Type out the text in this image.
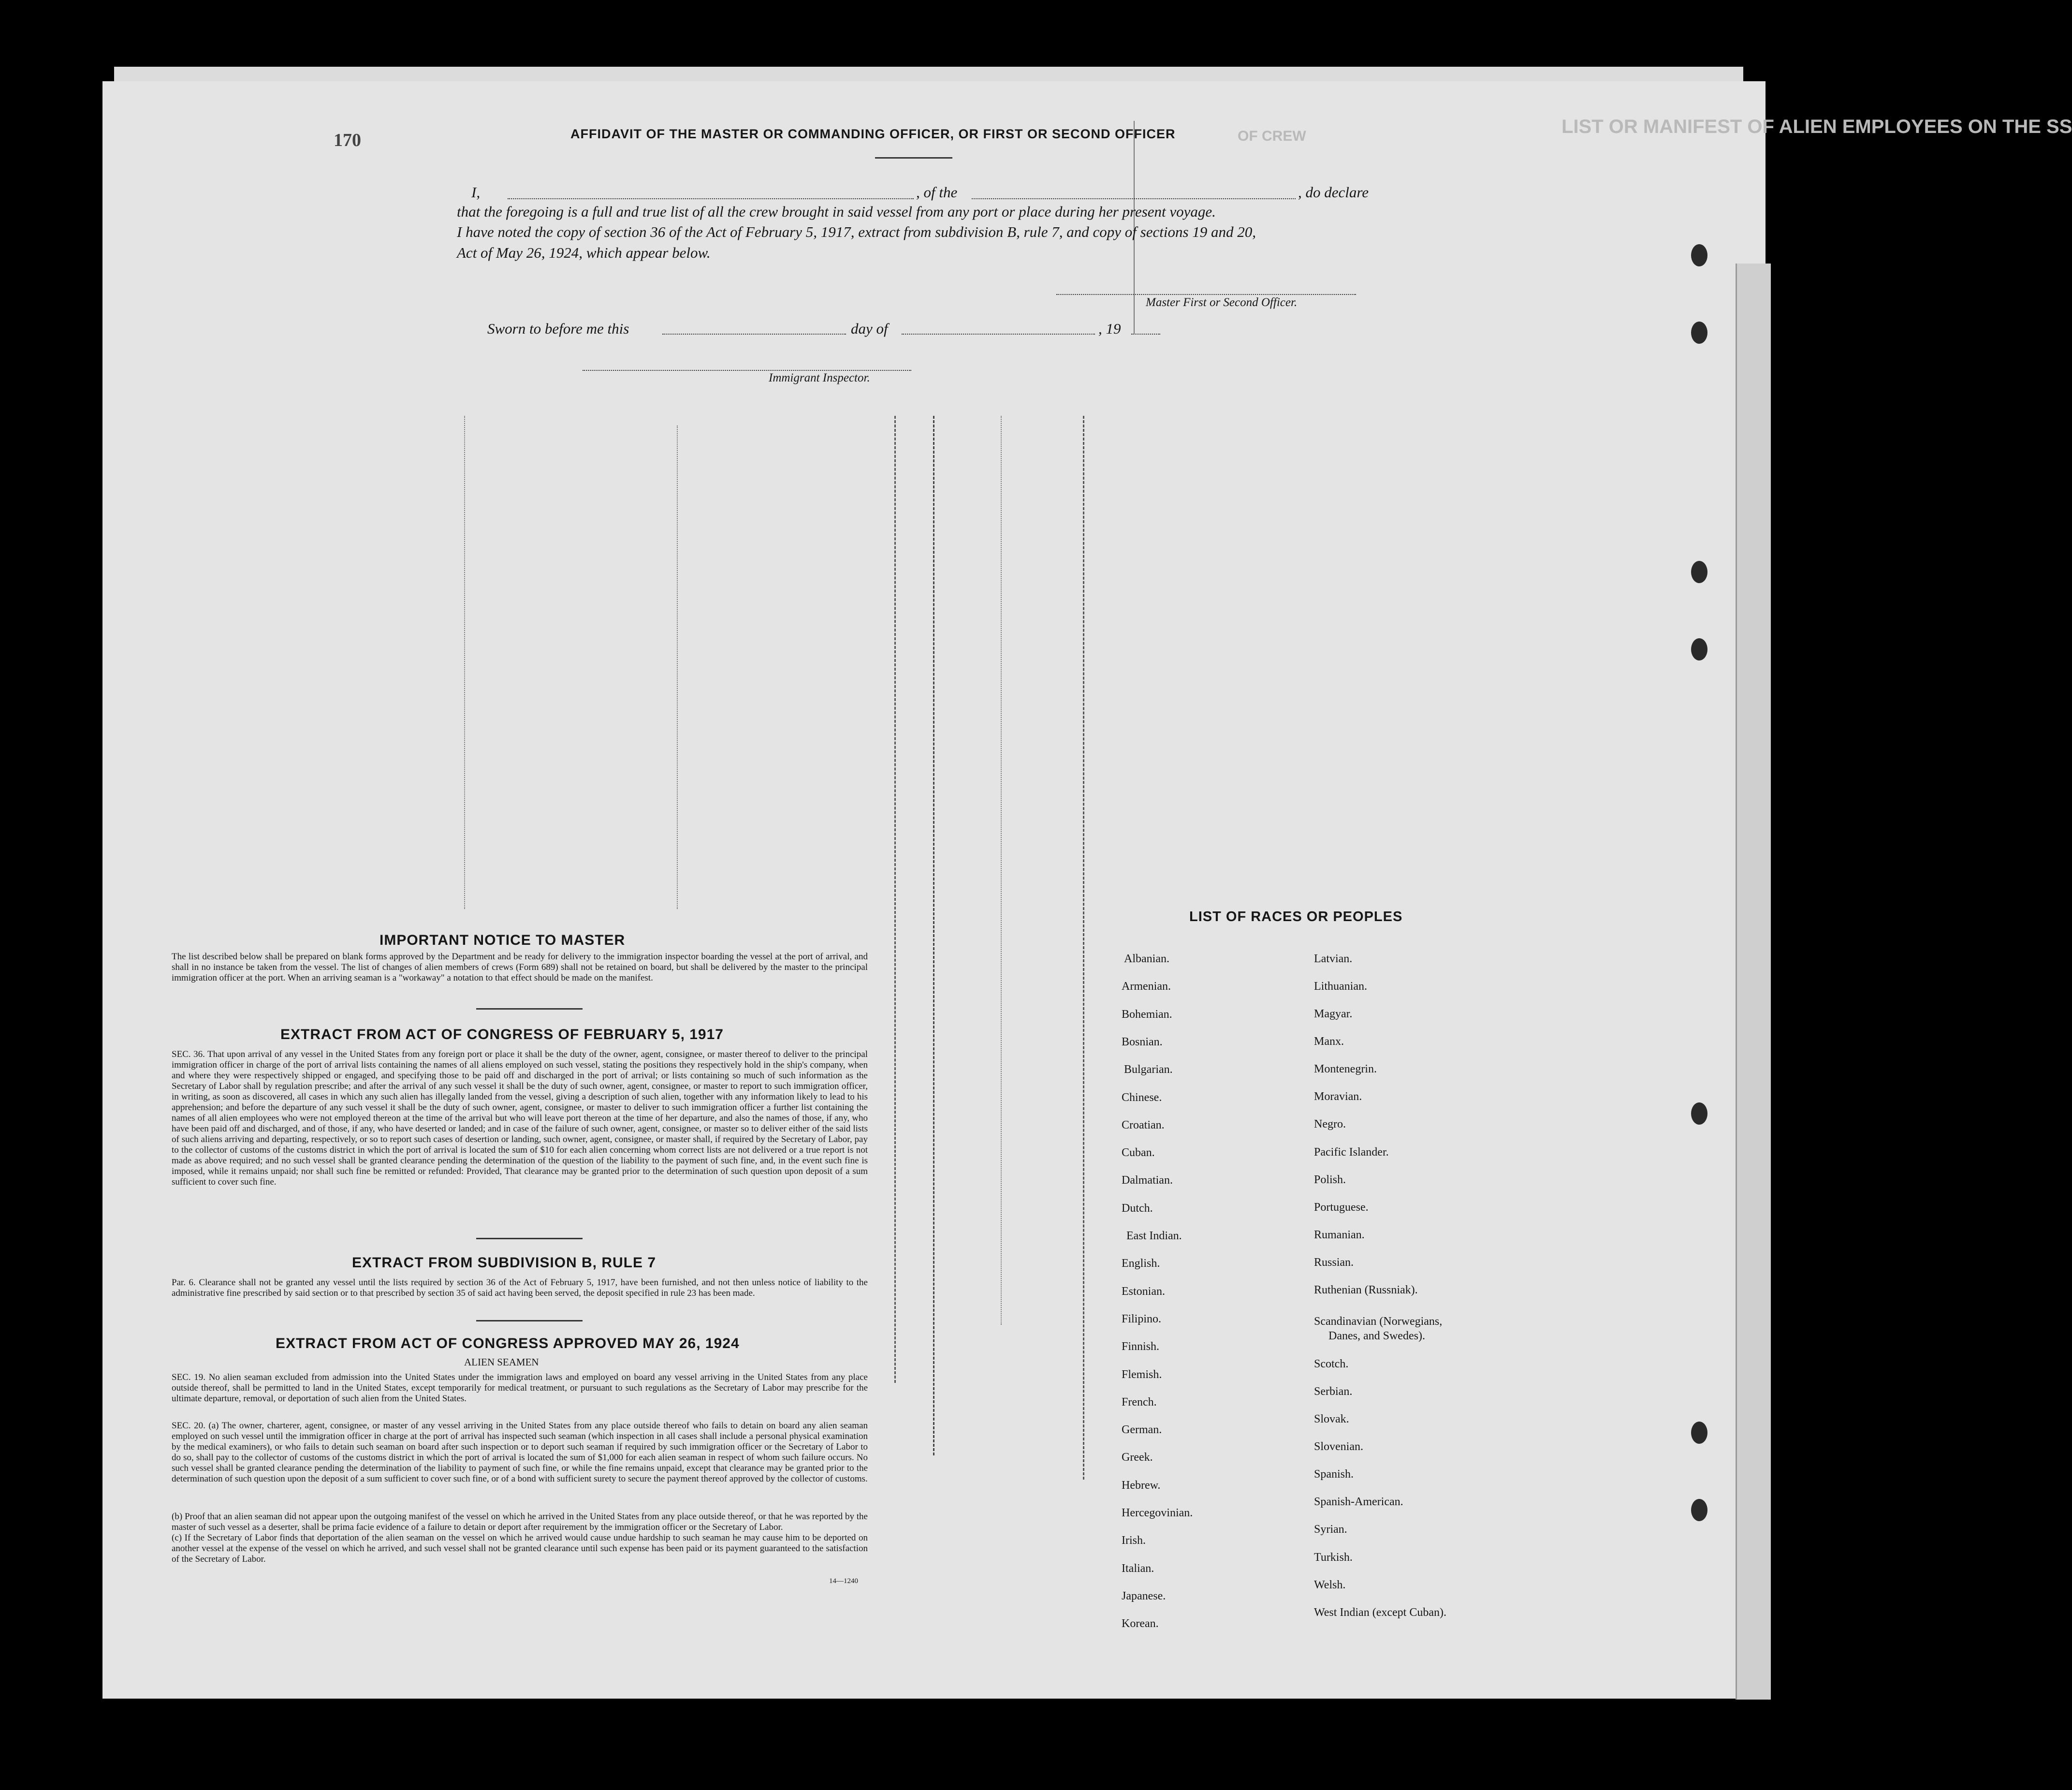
LIST OR MANIFEST OF ALIEN EMPLOYEES ON THE SS
OF CREW
AFFIDAVIT OF THE MASTER OR COMMANDING OFFICER, OR FIRST OR SECOND OFFICER
170
I,	, of the	, do declare
that the foregoing is a full and true list of all the crew brought in said vessel from any port or place during her present voyage.
I have noted the copy of section 36 of the Act of February 5, 1917, extract from subdivision B, rule 7, and copy of sections 19 and 20,
Act of May 26, 1924, which appear below.
Master First or Second Officer.
Sworn to before me this	day of	, 19
Immigrant Inspector.
IMPORTANT NOTICE TO MASTER
The list described below shall be prepared on blank forms approved by the Department and be ready for delivery to the immigration inspector boarding the vessel at the port of arrival, and shall in no instance be taken from the vessel. The list of changes of alien members of crews (Form 689) shall not be retained on board, but shall be delivered by the master to the principal immigration officer at the port. When an arriving seaman is a "workaway" a notation to that effect should be made on the manifest.
EXTRACT FROM ACT OF CONGRESS OF FEBRUARY 5, 1917
SEC. 36. That upon arrival of any vessel in the United States from any foreign port or place it shall be the duty of the owner, agent, consignee, or master thereof to deliver to the principal immigration officer in charge of the port of arrival lists containing the names of all aliens employed on such vessel, stating the positions they respectively hold in the ship's company, when and where they were respectively shipped or engaged, and specifying those to be paid off and discharged in the port of arrival; or lists containing so much of such information as the Secretary of Labor shall by regulation prescribe; and after the arrival of any such vessel it shall be the duty of such owner, agent, consignee, or master to report to such immigration officer, in writing, as soon as discovered, all cases in which any such alien has illegally landed from the vessel, giving a description of such alien, together with any information likely to lead to his apprehension; and before the departure of any such vessel it shall be the duty of such owner, agent, consignee, or master to deliver to such immigration officer a further list containing the names of all alien employees who were not employed thereon at the time of the arrival but who will leave port thereon at the time of her departure, and also the names of those, if any, who have been paid off and discharged, and of those, if any, who have deserted or landed; and in case of the failure of such owner, agent, consignee, or master so to deliver either of the said lists of such aliens arriving and departing, respectively, or so to report such cases of desertion or landing, such owner, agent, consignee, or master shall, if required by the Secretary of Labor, pay to the collector of customs of the customs district in which the port of arrival is located the sum of $10 for each alien concerning whom correct lists are not delivered or a true report is not made as above required; and no such vessel shall be granted clearance pending the determination of the question of the liability to the payment of such fine, and, in the event such fine is imposed, while it remains unpaid; nor shall such fine be remitted or refunded: Provided, That clearance may be granted prior to the determination of such question upon deposit of a sum sufficient to cover such fine.
EXTRACT FROM SUBDIVISION B, RULE 7
Par. 6. Clearance shall not be granted any vessel until the lists required by section 36 of the Act of February 5, 1917, have been furnished, and not then unless notice of liability to the administrative fine prescribed by said section or to that prescribed by section 35 of said act having been served, the deposit specified in rule 23 has been made.
EXTRACT FROM ACT OF CONGRESS APPROVED MAY 26, 1924
ALIEN SEAMEN
SEC. 19. No alien seaman excluded from admission into the United States under the immigration laws and employed on board any vessel arriving in the United States from any place outside thereof, shall be permitted to land in the United States, except temporarily for medical treatment, or pursuant to such regulations as the Secretary of Labor may prescribe for the ultimate departure, removal, or deportation of such alien from the United States.
SEC. 20. (a) The owner, charterer, agent, consignee, or master of any vessel arriving in the United States from any place outside thereof who fails to detain on board any alien seaman employed on such vessel until the immigration officer in charge at the port of arrival has inspected such seaman (which inspection in all cases shall include a personal physical examination by the medical examiners), or who fails to detain such seaman on board after such inspection or to deport such seaman if required by such immigration officer or the Secretary of Labor to do so, shall pay to the collector of customs of the customs district in which the port of arrival is located the sum of $1,000 for each alien seaman in respect of whom such failure occurs. No such vessel shall be granted clearance pending the determination of the liability to payment of such fine, or while the fine remains unpaid, except that clearance may be granted prior to the determination of such question upon the deposit of a sum sufficient to cover such fine, or of a bond with sufficient surety to secure the payment thereof approved by the collector of customs.
(b) Proof that an alien seaman did not appear upon the outgoing manifest of the vessel on which he arrived in the United States from any place outside thereof, or that he was reported by the master of such vessel as a deserter, shall be prima facie evidence of a failure to detain or deport after requirement by the immigration officer or the Secretary of Labor.
(c) If the Secretary of Labor finds that deportation of the alien seaman on the vessel on which he arrived would cause undue hardship to such seaman he may cause him to be deported on another vessel at the expense of the vessel on which he arrived, and such vessel shall not be granted clearance until such expense has been paid or its payment guaranteed to the satisfaction of the Secretary of Labor.
14—1240
LIST OF RACES OR PEOPLES
Albanian.
Armenian.
Bohemian.
Bosnian.
Bulgarian.
Chinese.
Croatian.
Cuban.
Dalmatian.
Dutch.
East Indian.
English.
Estonian.
Filipino.
Finnish.
Flemish.
French.
German.
Greek.
Hebrew.
Hercegovinian.
Irish.
Italian.
Japanese.
Korean.
Latvian.
Lithuanian.
Magyar.
Manx.
Montenegrin.
Moravian.
Negro.
Pacific Islander.
Polish.
Portuguese.
Rumanian.
Russian.
Ruthenian (Russniak).
Scandinavian (Norwegians,
Danes, and Swedes).
Scotch.
Serbian.
Slovak.
Slovenian.
Spanish.
Spanish-American.
Syrian.
Turkish.
Welsh.
West Indian (except Cuban).
